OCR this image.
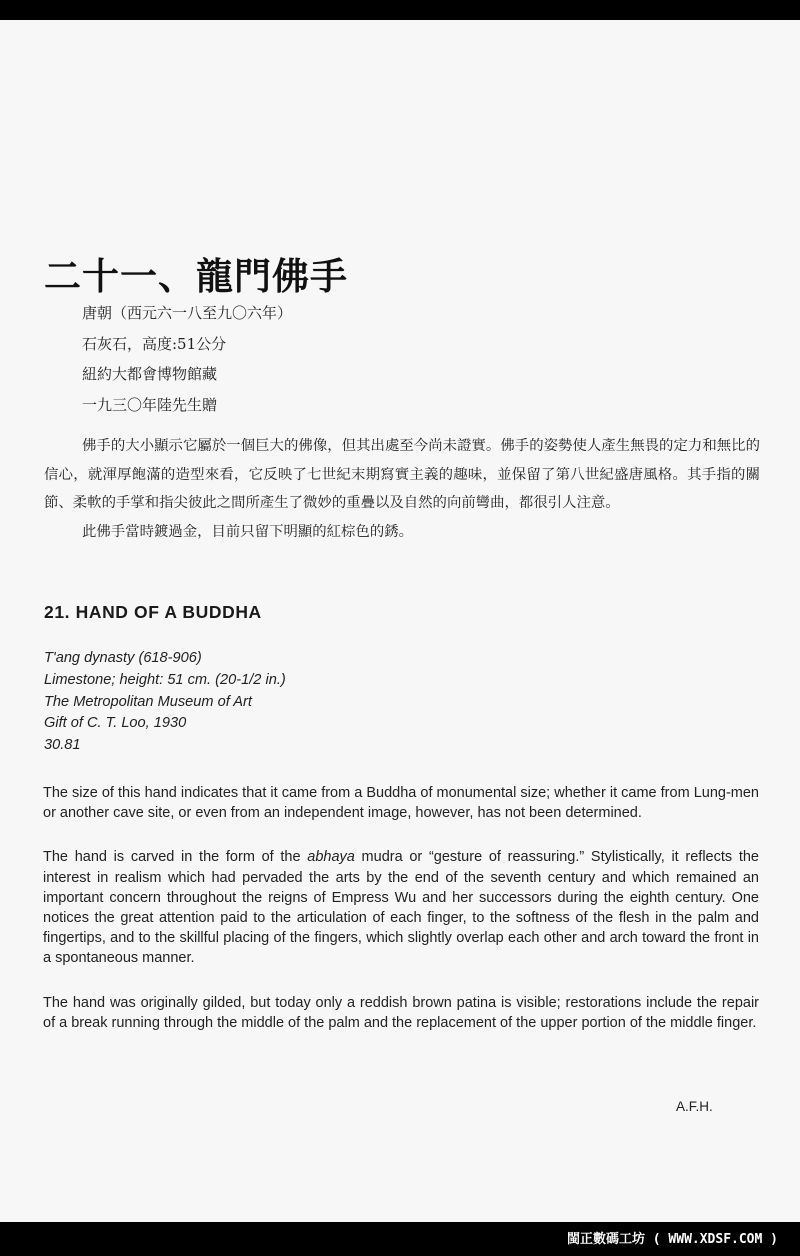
二十一、龍門佛手
唐朝（西元六一八至九〇六年）
石灰石，高度:51公分
紐約大都會博物館藏
一九三〇年陸先生贈

佛手的大小顯示它屬於一個巨大的佛像，但其出處至今尚未證實。佛手的姿勢使人產生無畏的定力和無比的信心，就渾厚飽滿的造型來看，它反映了七世紀末期寫實主義的趣味，並保留了第八世紀盛唐風格。其手指的關節、柔軟的手掌和指尖彼此之間所產生了微妙的重疊以及自然的向前彎曲，都很引人注意。

此佛手當時鍍過金，目前只留下明顯的紅棕色的銹。

21. HAND OF A BUDDHA
T'ang dynasty (618-906)
Limestone; height: 51 cm. (20-1/2 in.)
The Metropolitan Museum of Art
Gift of C. T. Loo, 1930
30.81

The size of this hand indicates that it came from a Buddha of monumental size; whether it came from Lung-men or another cave site, or even from an independent image, however, has not been determined.

The hand is carved in the form of the abhaya mudra or “gesture of reassuring.” Stylistically, it reflects the interest in realism which had pervaded the arts by the end of the seventh century and which remained an important concern throughout the reigns of Empress Wu and her successors during the eighth century. One notices the great attention paid to the articulation of each finger, to the softness of the flesh in the palm and fingertips, and to the skillful placing of the fingers, which slightly overlap each other and arch toward the front in a spontaneous manner.

The hand was originally gilded, but today only a reddish brown patina is visible; restorations include the repair of a break running through the middle of the palm and the replacement of the upper portion of the middle finger.

A.F.H.

閩正數碼工坊 ( WWW.XDSF.COM )
